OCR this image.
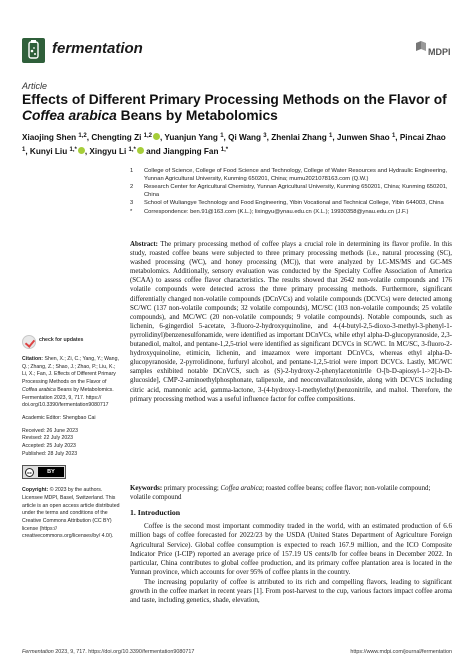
fermentation	MDPI
Article
Effects of Different Primary Processing Methods on the Flavor of Coffea arabica Beans by Metabolomics
Xiaojing Shen $^{1,2}$, Chengting Zi $^{1,2}$ , Yuanjun Yang $^1$, Qi Wang $^3$, Zhenlai Zhang $^1$, Junwen Shao $^1$, Pincai Zhao $^1$, Kunyi Liu $^{1,*}$ , Xingyu Li $^{1,*}$ and Jiangping Fan $^{1,*}$
1 College of Science, College of Food Science and Technology, College of Water Resources and Hydraulic Engineering, Yunnan Agricultural University, Kunming 650201, China; mumu2021078163.com (Q.W.)
2 Research Center for Agricultural Chemistry, Yunnan Agricultural University, Kunming 650201, China; Kunming 650201, China
3 School of Wuliangye Technology and Food Engineering, Yibin Vocational and Technical College, Yibin 644003, China
* Correspondence: ben.91@163.com (K.L.); lixingyu@ynau.edu.cn (X.L.); 19930358@ynau.edu.cn (J.F.)
Abstract: The primary processing method of coffee plays a crucial role in determining its flavor profile. In this study, roasted coffee beans were subjected to three primary processing methods (i.e., natural processing (SC), washed processing (WC), and honey processing (MC)), that were analyzed by LC-MS/MS and GC-MS metabolomics. Additionally, sensory evaluation was conducted by the Specialty Coffee Association of America (SCAA) to assess coffee flavor characteristics. The results showed that 2642 non-volatile compounds and 176 volatile compounds were detected across the three primary processing methods. Furthermore, significant differentially changed non-volatile compounds (DCnVCs) and volatile compounds (DCVCs) were detected among SC/WC (137 non-volatile compounds; 32 volatile compounds), MC/SC (103 non-volatile compounds; 25 volatile compounds), and MC/WC (20 non-volatile compounds; 9 volatile compounds). Notable compounds, such as lichenin, 6-gingerdiol 5-acetate, 3-fluoro-2-hydroxyquinoline, and 4-(4-butyl-2,5-dioxo-3-methyl-3-phenyl-1-pyrrolidinyl)benzenesulfonamide, were identified as important DCnVCs, while ethyl alpha-D-glucopyranoside, 2,3-butanediol, maltol, and pentane-1,2,5-triol were identified as significant DCVCs in SC/WC. In MC/SC, 3-fluoro-2-hydroxyquinoline, etimicin, lichenin, and imazamox were important DCnVCs, whereas ethyl alpha-D-glucopyranoside, 2-pyrrolidinone, furfuryl alcohol, and pentane-1,2,5-triol were import DCVCs. Lastly, MC/WC samples exhibited notable DCnVCS, such as (S)-2-hydroxy-2-phenylacetonitrile O-[b-D-apiosyl-1->2]-b-D-glucoside], CMP-2-aminoethylphosphonate, talipexole, and neoconvallatoxoloside, along with DCVCS including citric acid, mannonic acid, gamma-lactone, 3-(4-hydroxy-1-methylethyl)benzonitrile, and maltol. Therefore, the primary processing method was a useful influence factor for coffee compositions.
Keywords: primary processing; Coffea arabica; roasted coffee beans; coffee flavor; non-volatile compound; volatile compound
check for updates
Citation: Shen, X.; Zi, C.; Yang, Y.; Wang, Q.; Zhang, Z.; Shao, J.; Zhao, P.; Liu, K.; Li, X.; Fan, J. Effects of Different Primary Processing Methods on the Flavor of Coffea arabica Beans by Metabolomics. Fermentation 2023, 9, 717. https:// doi.org/10.3390/fermentation9080717
Academic Editor: Shengbao Cai
Received: 26 June 2023
Revised: 22 July 2023
Accepted: 25 July 2023
Published: 28 July 2023
cc	BY
Copyright: © 2023 by the authors. Licensee MDPI, Basel, Switzerland. This article is an open access article distributed under the terms and conditions of the Creative Commons Attribution (CC BY) license (https:// creativecommons.org/licenses/by/ 4.0/).
1. Introduction

Coffee is the second most important commodity traded in the world, with an estimated production of 6.6 million bags of coffee forecasted for 2022/23 by the USDA (United States Department of Agriculture Foreign Agricultural Service). Global coffee consumption is expected to reach 167.9 million, and the ICO Composite Indicator Price (I-CIP) reported an average price of 157.19 US cents/lb for coffee beans in December 2022. In particular, China contributes to global coffee production, and its primary coffee plantation area is located in the Yunnan province, which accounts for over 95% of coffee plants in the country.

The increasing popularity of coffee is attributed to its rich and compelling flavors, leading to significant growth in the coffee market in recent years [1]. From post-harvest to the cup, various factors impact coffee aroma and taste, including genetics, shade, elevation,

Fermentation 2023, 9, 717. https://doi.org/10.3390/fermentation9080717	https://www.mdpi.com/journal/fermentation
